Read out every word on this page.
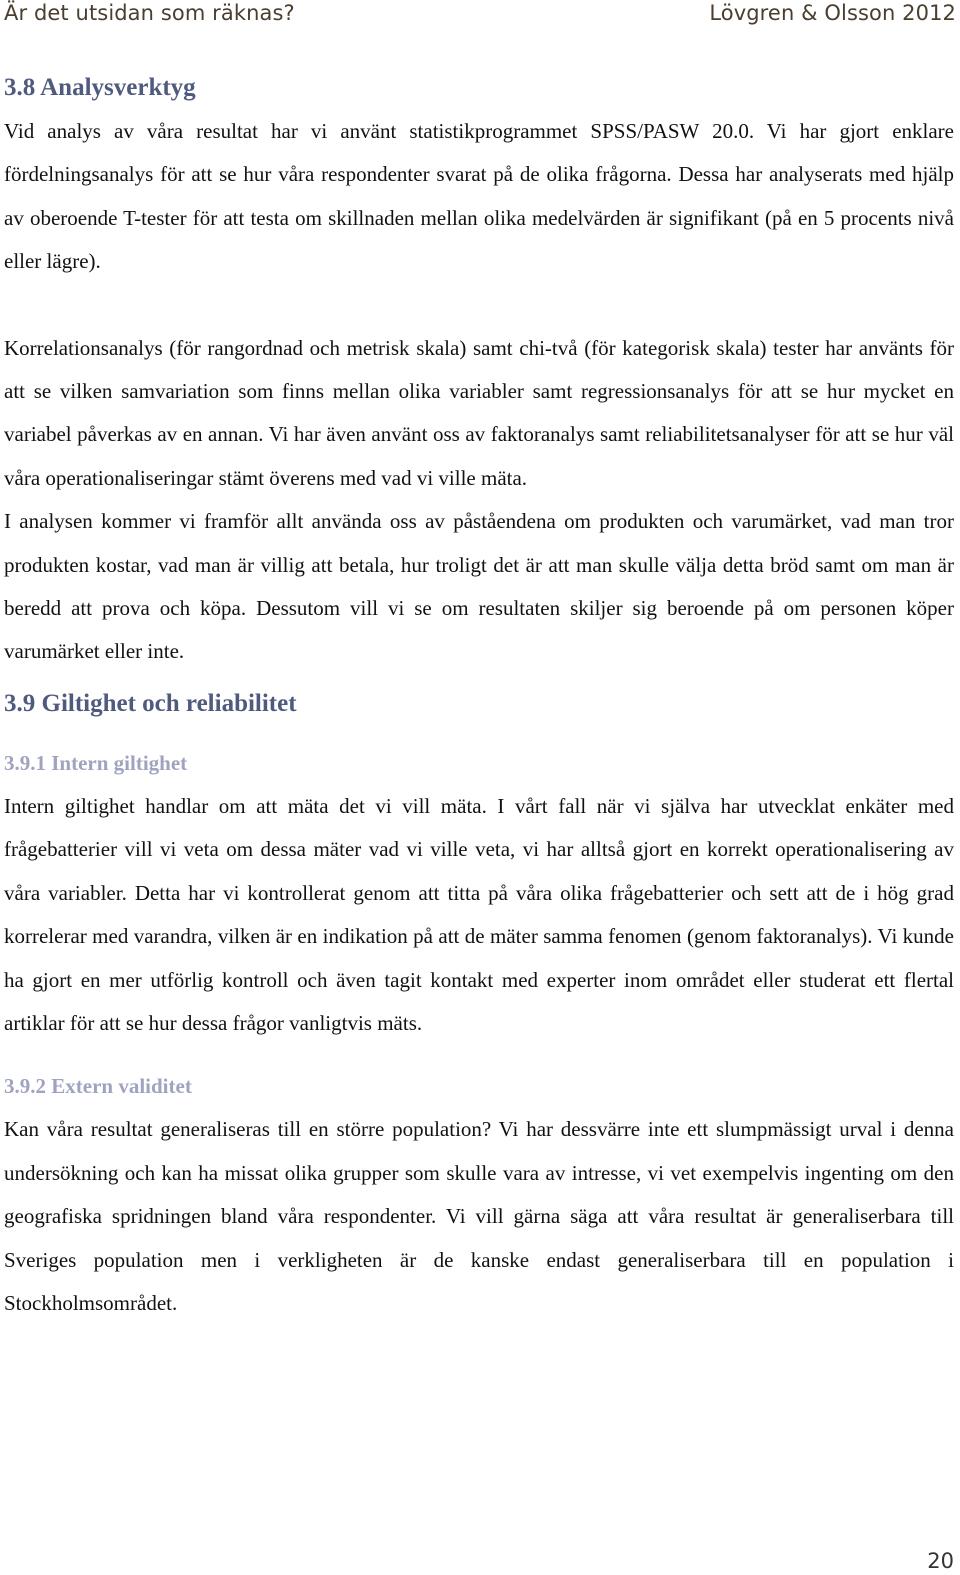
Är det utsidan som räknas?	Lövgren & Olsson 2012
3.8 Analysverktyg

Vid analys av våra resultat har vi använt statistikprogrammet SPSS/PASW 20.0. Vi har gjort enklare fördelningsanalys för att se hur våra respondenter svarat på de olika frågorna. Dessa har analyserats med hjälp av oberoende T-tester för att testa om skillnaden mellan olika medelvärden är signifikant (på en 5 procents nivå eller lägre).

Korrelationsanalys (för rangordnad och metrisk skala) samt chi-två (för kategorisk skala) tester har använts för att se vilken samvariation som finns mellan olika variabler samt regressionsanalys för att se hur mycket en variabel påverkas av en annan. Vi har även använt oss av faktoranalys samt reliabilitetsanalyser för att se hur väl våra operationaliseringar stämt överens med vad vi ville mäta.

I analysen kommer vi framför allt använda oss av påståendena om produkten och varumärket, vad man tror produkten kostar, vad man är villig att betala, hur troligt det är att man skulle välja detta bröd samt om man är beredd att prova och köpa. Dessutom vill vi se om resultaten skiljer sig beroende på om personen köper varumärket eller inte.

3.9 Giltighet och reliabilitet
3.9.1 Intern giltighet

Intern giltighet handlar om att mäta det vi vill mäta. I vårt fall när vi själva har utvecklat enkäter med frågebatterier vill vi veta om dessa mäter vad vi ville veta, vi har alltså gjort en korrekt operationalisering av våra variabler. Detta har vi kontrollerat genom att titta på våra olika frågebatterier och sett att de i hög grad korrelerar med varandra, vilken är en indikation på att de mäter samma fenomen (genom faktoranalys). Vi kunde ha gjort en mer utförlig kontroll och även tagit kontakt med experter inom området eller studerat ett flertal artiklar för att se hur dessa frågor vanligtvis mäts.

3.9.2 Extern validitet

Kan våra resultat generaliseras till en större population? Vi har dessvärre inte ett slumpmässigt urval i denna undersökning och kan ha missat olika grupper som skulle vara av intresse, vi vet exempelvis ingenting om den geografiska spridningen bland våra respondenter. Vi vill gärna säga att våra resultat är generaliserbara till Sveriges population men i verkligheten är de kanske endast generaliserbara till en population i Stockholmsområdet.

20
